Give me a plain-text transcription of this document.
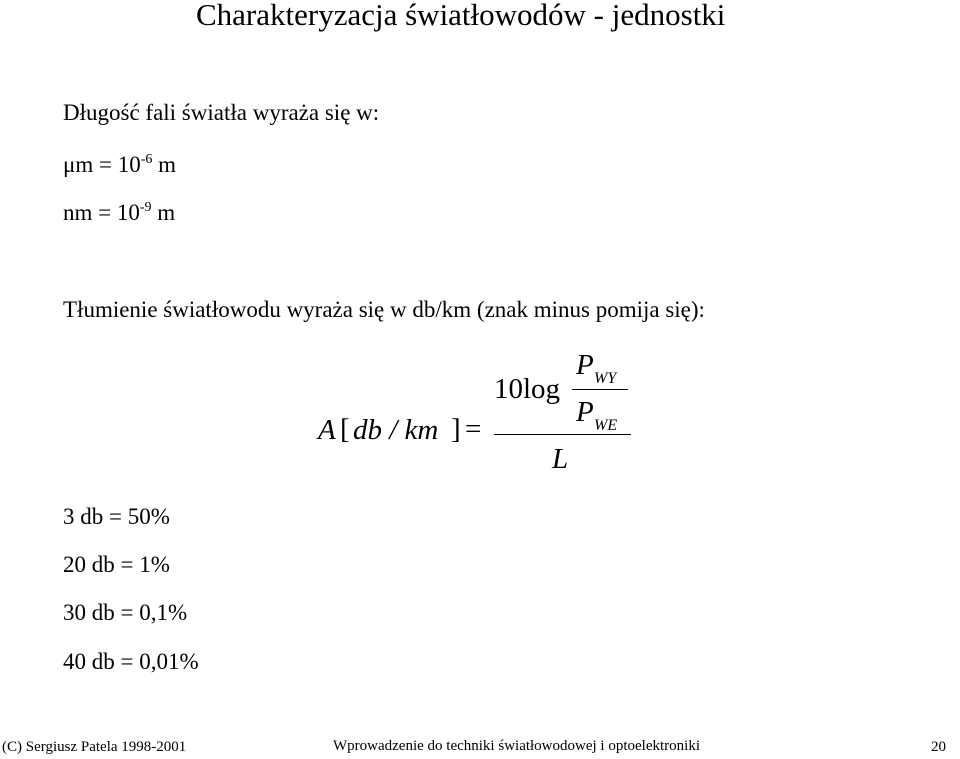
Charakteryzacja światłowodów - jednostki
Długość fali światła wyraża się w:
$\mu m = 10^{-6}$ m
nm = $10^{-9}$ m
Tłumienie światłowodu wyraża się w db/km (znak minus pomija się):
A [ db / km ] =
10log
P WY
P WE
L
3 db = 50%
20 db = 1%
30 db = 0,1%
40 db = 0,01%
(C) Sergiusz Patela 1998-2001	Wprowadzenie do techniki światłowodowej i optoelektroniki	20
